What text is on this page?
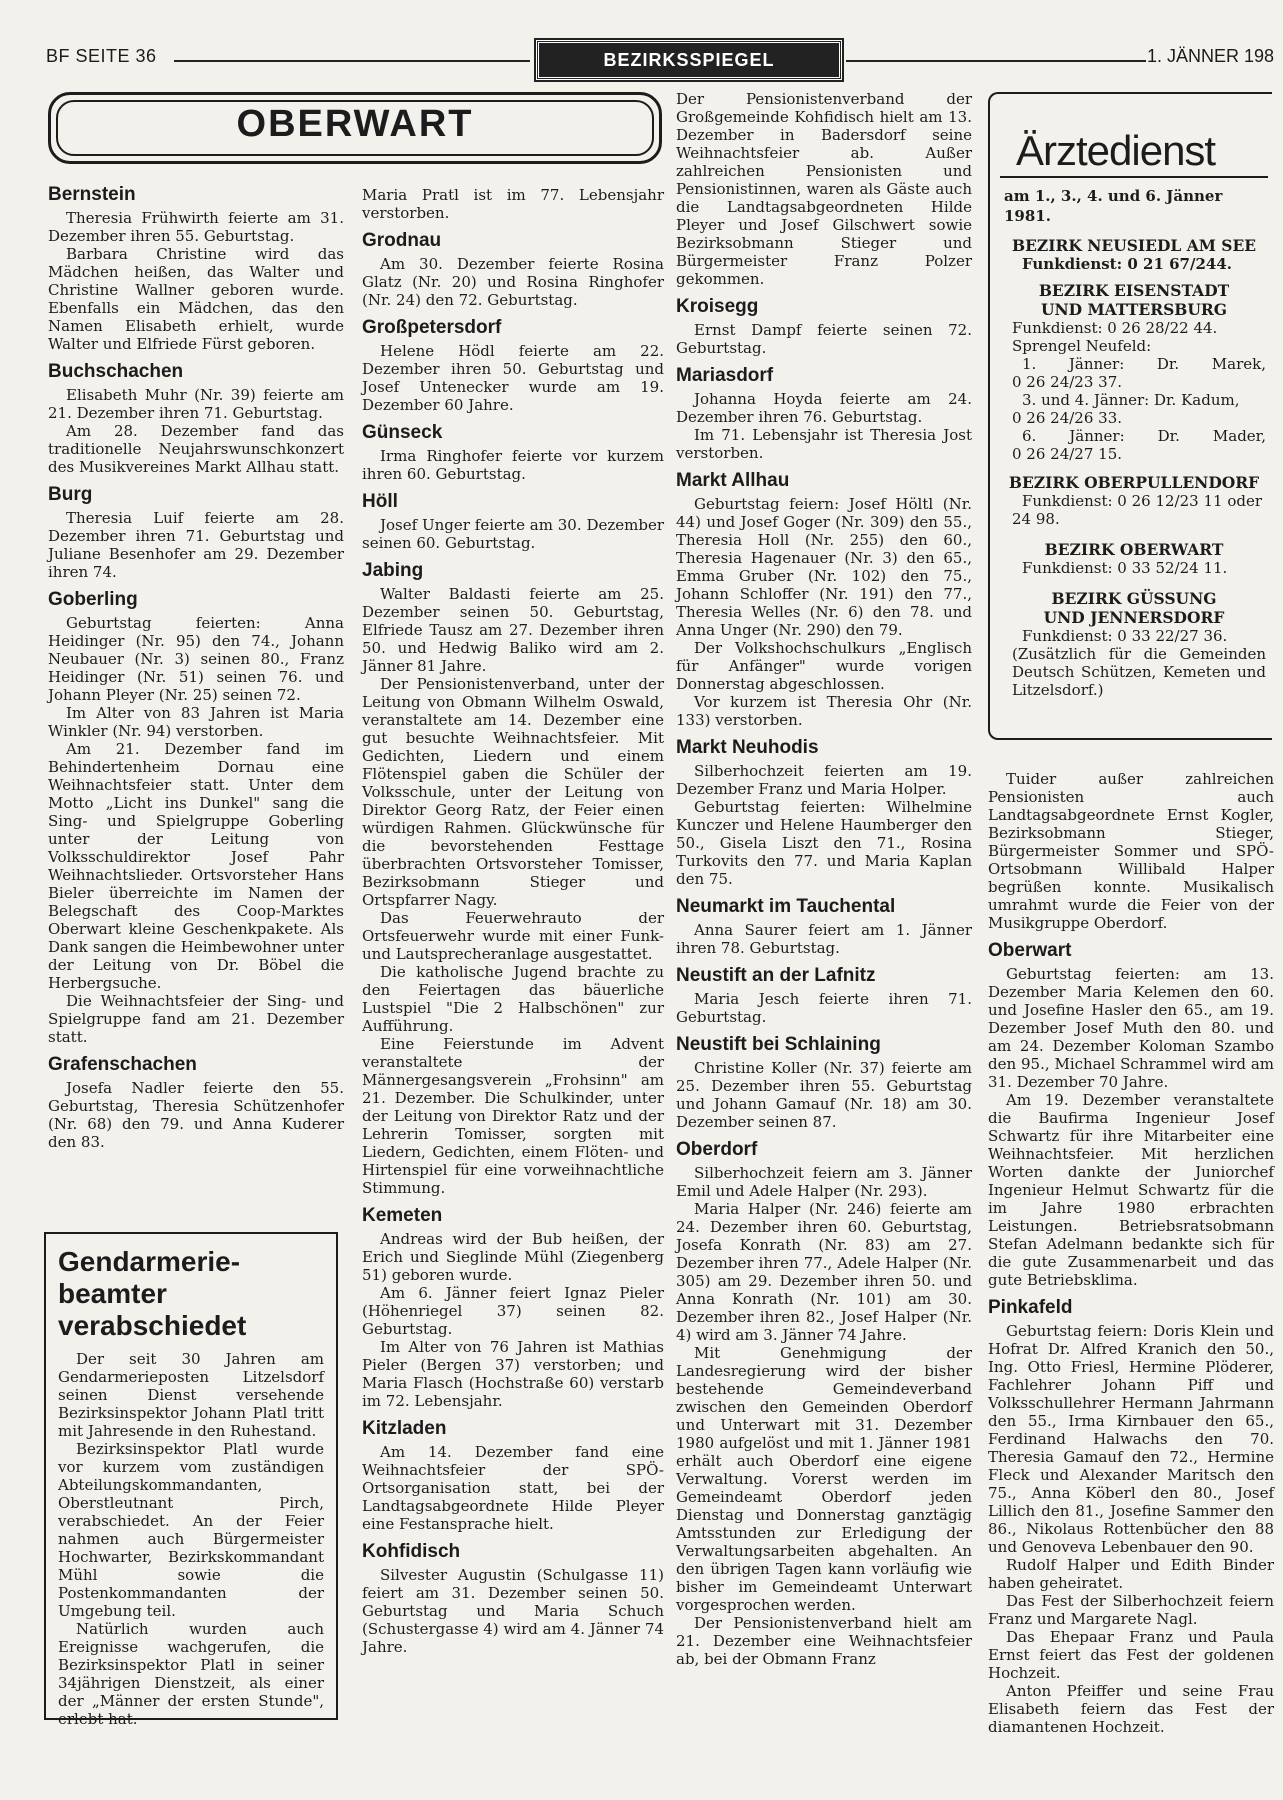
BF SEITE 36	BEZIRKSSPIEGEL	1. JÄNNER 198
OBERWART
Bernstein

Theresia Frühwirth feierte am 31. Dezember ihren 55. Geburtstag.

Barbara Christine wird das Mädchen heißen, das Walter und Christine Wallner geboren wurde. Ebenfalls ein Mädchen, das den Namen Elisabeth erhielt, wurde Walter und Elfriede Fürst geboren.

Buchschachen

Elisabeth Muhr (Nr. 39) feierte am 21. Dezember ihren 71. Geburtstag.

Am 28. Dezember fand das traditionelle Neujahrswunschkonzert des Musikvereines Markt Allhau statt.

Burg

Theresia Luif feierte am 28. Dezember ihren 71. Geburtstag und Juliane Besenhofer am 29. Dezember ihren 74.

Goberling

Geburtstag feierten: Anna Heidinger (Nr. 95) den 74., Johann Neubauer (Nr. 3) seinen 80., Franz Heidinger (Nr. 51) seinen 76. und Johann Pleyer (Nr. 25) seinen 72.

Im Alter von 83 Jahren ist Maria Winkler (Nr. 94) verstorben.

Am 21. Dezember fand im Behindertenheim Dornau eine Weihnachtsfeier statt. Unter dem Motto „Licht ins Dunkel" sang die Sing- und Spielgruppe Goberling unter der Leitung von Volksschuldirektor Josef Pahr Weihnachtslieder. Ortsvorsteher Hans Bieler überreichte im Namen der Belegschaft des Coop-Marktes Oberwart kleine Geschenkpakete. Als Dank sangen die Heimbewohner unter der Leitung von Dr. Böbel die Herbergsuche.

Die Weihnachtsfeier der Sing- und Spielgruppe fand am 21. Dezember statt.

Grafenschachen

Josefa Nadler feierte den 55. Geburtstag, Theresia Schützenhofer (Nr. 68) den 79. und Anna Kuderer den 83.

Gendarmerie-beamter verabschiedet

Der seit 30 Jahren am Gendarmerieposten Litzelsdorf seinen Dienst versehende Bezirksinspektor Johann Platl tritt mit Jahresende in den Ruhestand.

Bezirksinspektor Platl wurde vor kurzem vom zuständigen Abteilungskommandanten, Oberstleutnant Pirch, verabschiedet. An der Feier nahmen auch Bürgermeister Hochwarter, Bezirkskommandant Mühl sowie die Postenkommandanten der Umgebung teil.

Natürlich wurden auch Ereignisse wachgerufen, die Bezirksinspektor Platl in seiner 34jährigen Dienstzeit, als einer der „Männer der ersten Stunde", erlebt hat.

Maria Pratl ist im 77. Lebensjahr verstorben.

Grodnau

Am 30. Dezember feierte Rosina Glatz (Nr. 20) und Rosina Ringhofer (Nr. 24) den 72. Geburtstag.

Großpetersdorf

Helene Hödl feierte am 22. Dezember ihren 50. Geburtstag und Josef Untenecker wurde am 19. Dezember 60 Jahre.

Günseck

Irma Ringhofer feierte vor kurzem ihren 60. Geburtstag.

Höll

Josef Unger feierte am 30. Dezember seinen 60. Geburtstag.

Jabing

Walter Baldasti feierte am 25. Dezember seinen 50. Geburtstag, Elfriede Tausz am 27. Dezember ihren 50. und Hedwig Baliko wird am 2. Jänner 81 Jahre.

Der Pensionistenverband, unter der Leitung von Obmann Wilhelm Oswald, veranstaltete am 14. Dezember eine gut besuchte Weihnachtsfeier. Mit Gedichten, Liedern und einem Flötenspiel gaben die Schüler der Volksschule, unter der Leitung von Direktor Georg Ratz, der Feier einen würdigen Rahmen. Glückwünsche für die bevorstehenden Festtage überbrachten Ortsvorsteher Tomisser, Bezirksobmann Stieger und Ortspfarrer Nagy.

Das Feuerwehrauto der Ortsfeuerwehr wurde mit einer Funk- und Lautsprecheranlage ausgestattet.

Die katholische Jugend brachte zu den Feiertagen das bäuerliche Lustspiel "Die 2 Halbschönen" zur Aufführung.

Eine Feierstunde im Advent veranstaltete der Männergesangsverein „Frohsinn" am 21. Dezember. Die Schulkinder, unter der Leitung von Direktor Ratz und der Lehrerin Tomisser, sorgten mit Liedern, Gedichten, einem Flöten- und Hirtenspiel für eine vorweihnachtliche Stimmung.

Kemeten

Andreas wird der Bub heißen, der Erich und Sieglinde Mühl (Ziegenberg 51) geboren wurde.

Am 6. Jänner feiert Ignaz Pieler (Höhenriegel 37) seinen 82. Geburtstag.

Im Alter von 76 Jahren ist Mathias Pieler (Bergen 37) verstorben; und Maria Flasch (Hochstraße 60) verstarb im 72. Lebensjahr.

Kitzladen

Am 14. Dezember fand eine Weihnachtsfeier der SPÖ-Ortsorganisation statt, bei der Landtagsabgeordnete Hilde Pleyer eine Festansprache hielt.

Kohfidisch

Silvester Augustin (Schulgasse 11) feiert am 31. Dezember seinen 50. Geburtstag und Maria Schuch (Schustergasse 4) wird am 4. Jänner 74 Jahre.

Der Pensionistenverband der Großgemeinde Kohfidisch hielt am 13. Dezember in Badersdorf seine Weihnachtsfeier ab. Außer zahlreichen Pensionisten und Pensionistinnen, waren als Gäste auch die Landtagsabgeordneten Hilde Pleyer und Josef Gilschwert sowie Bezirksobmann Stieger und Bürgermeister Franz Polzer gekommen.

Kroisegg

Ernst Dampf feierte seinen 72. Geburtstag.

Mariasdorf

Johanna Hoyda feierte am 24. Dezember ihren 76. Geburtstag.

Im 71. Lebensjahr ist Theresia Jost verstorben.

Markt Allhau

Geburtstag feiern: Josef Höltl (Nr. 44) und Josef Goger (Nr. 309) den 55., Theresia Holl (Nr. 255) den 60., Theresia Hagenauer (Nr. 3) den 65., Emma Gruber (Nr. 102) den 75., Johann Schloffer (Nr. 191) den 77., Theresia Welles (Nr. 6) den 78. und Anna Unger (Nr. 290) den 79.

Der Volkshochschulkurs „Englisch für Anfänger" wurde vorigen Donnerstag abgeschlossen.

Vor kurzem ist Theresia Ohr (Nr. 133) verstorben.

Markt Neuhodis

Silberhochzeit feierten am 19. Dezember Franz und Maria Holper.

Geburtstag feierten: Wilhelmine Kunczer und Helene Haumberger den 50., Gisela Liszt den 71., Rosina Turkovits den 77. und Maria Kaplan den 75.

Neumarkt im Tauchental

Anna Saurer feiert am 1. Jänner ihren 78. Geburtstag.

Neustift an der Lafnitz

Maria Jesch feierte ihren 71. Geburtstag.

Neustift bei Schlaining

Christine Koller (Nr. 37) feierte am 25. Dezember ihren 55. Geburtstag und Johann Gamauf (Nr. 18) am 30. Dezember seinen 87.

Oberdorf

Silberhochzeit feiern am 3. Jänner Emil und Adele Halper (Nr. 293).

Maria Halper (Nr. 246) feierte am 24. Dezember ihren 60. Geburtstag, Josefa Konrath (Nr. 83) am 27. Dezember ihren 77., Adele Halper (Nr. 305) am 29. Dezember ihren 50. und Anna Konrath (Nr. 101) am 30. Dezember ihren 82., Josef Halper (Nr. 4) wird am 3. Jänner 74 Jahre.

Mit Genehmigung der Landesregierung wird der bisher bestehende Gemeindeverband zwischen den Gemeinden Oberdorf und Unterwart mit 31. Dezember 1980 aufgelöst und mit 1. Jänner 1981 erhält auch Oberdorf eine eigene Verwaltung. Vorerst werden im Gemeindeamt Oberdorf jeden Dienstag und Donnerstag ganztägig Amtsstunden zur Erledigung der Verwaltungsarbeiten abgehalten. An den übrigen Tagen kann vorläufig wie bisher im Gemeindeamt Unterwart vorgesprochen werden.

Der Pensionistenverband hielt am 21. Dezember eine Weihnachtsfeier ab, bei der Obmann Franz

Ärztedienst
am 1., 3., 4. und 6. Jänner 1981.
BEZIRK NEUSIEDL AM SEE
Funkdienst: 0 21 67/244.
BEZIRK EISENSTADT
UND MATTERSBURG
Funkdienst: 0 26 28/22 44.
Sprengel Neufeld:
1. Jänner: Dr. Marek,
0 26 24/23 37.
3. und 4. Jänner: Dr. Kadum,
0 26 24/26 33.
6. Jänner: Dr. Mader,
0 26 24/27 15.
BEZIRK OBERPULLENDORF
Funkdienst: 0 26 12/23 11 oder
24 98.
BEZIRK OBERWART
Funkdienst: 0 33 52/24 11.
BEZIRK GÜSSUNG
UND JENNERSDORF
Funkdienst: 0 33 22/27 36.
(Zusätzlich für die Gemeinden Deutsch Schützen, Kemeten und Litzelsdorf.)

Tuider außer zahlreichen Pensionisten auch Landtagsabgeordnete Ernst Kogler, Bezirksobmann Stieger, Bürgermeister Sommer und SPÖ-Ortsobmann Willibald Halper begrüßen konnte. Musikalisch umrahmt wurde die Feier von der Musikgruppe Oberdorf.

Oberwart

Geburtstag feierten: am 13. Dezember Maria Kelemen den 60. und Josefine Hasler den 65., am 19. Dezember Josef Muth den 80. und am 24. Dezember Koloman Szambo den 95., Michael Schrammel wird am 31. Dezember 70 Jahre.

Am 19. Dezember veranstaltete die Baufirma Ingenieur Josef Schwartz für ihre Mitarbeiter eine Weihnachtsfeier. Mit herzlichen Worten dankte der Juniorchef Ingenieur Helmut Schwartz für die im Jahre 1980 erbrachten Leistungen. Betriebsratsobmann Stefan Adelmann bedankte sich für die gute Zusammenarbeit und das gute Betriebsklima.

Pinkafeld

Geburtstag feiern: Doris Klein und Hofrat Dr. Alfred Kranich den 50., Ing. Otto Friesl, Hermine Plöderer, Fachlehrer Johann Piff und Volksschullehrer Hermann Jahrmann den 55., Irma Kirnbauer den 65., Ferdinand Halwachs den 70. Theresia Gamauf den 72., Hermine Fleck und Alexander Maritsch den 75., Anna Köberl den 80., Josef Lillich den 81., Josefine Sammer den 86., Nikolaus Rottenbücher den 88 und Genoveva Lebenbauer den 90.

Rudolf Halper und Edith Binder haben geheiratet.

Das Fest der Silberhochzeit feiern Franz und Margarete Nagl.

Das Ehepaar Franz und Paula Ernst feiert das Fest der goldenen Hochzeit.

Anton Pfeiffer und seine Frau Elisabeth feiern das Fest der diamantenen Hochzeit.
